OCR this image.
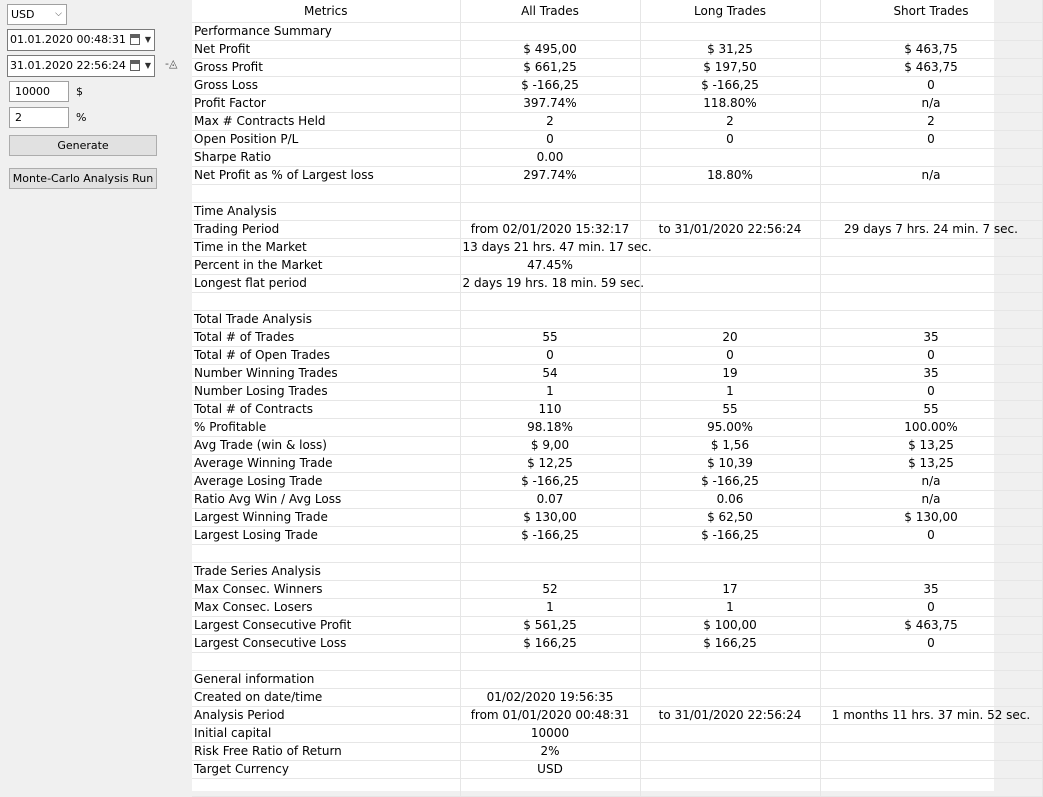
USD ⌵
01.01.2020 00:48:31 ▼
31.01.2020 22:56:24 ▼ -◬
10000	$
2	%
Generate
Monte-Carlo Analysis Run
Metrics	All Trades	Long Trades	Short Trades
Performance Summary			
Net Profit	$ 495,00	$ 31,25	$ 463,75
Gross Profit	$ 661,25	$ 197,50	$ 463,75
Gross Loss	$ -166,25	$ -166,25	0
Profit Factor	397.74%	118.80%	n/a
Max # Contracts Held	2	2	2
Open Position P/L	0	0	0
Sharpe Ratio	0.00		
Net Profit as % of Largest loss	297.74%	18.80%	n/a

Time Analysis			
Trading Period	from 02/01/2020 15:32:17	to 31/01/2020 22:56:24	29 days 7 hrs. 24 min. 7 sec.
Time in the Market	13 days 21 hrs. 47 min. 17 sec.		
Percent in the Market	47.45%		
Longest flat period	2 days 19 hrs. 18 min. 59 sec.		

Total Trade Analysis			
Total # of Trades	55	20	35
Total # of Open Trades	0	0	0
Number Winning Trades	54	19	35
Number Losing Trades	1	1	0
Total # of Contracts	110	55	55
% Profitable	98.18%	95.00%	100.00%
Avg Trade (win & loss)	$ 9,00	$ 1,56	$ 13,25
Average Winning Trade	$ 12,25	$ 10,39	$ 13,25
Average Losing Trade	$ -166,25	$ -166,25	n/a
Ratio Avg Win / Avg Loss	0.07	0.06	n/a
Largest Winning Trade	$ 130,00	$ 62,50	$ 130,00
Largest Losing Trade	$ -166,25	$ -166,25	0

Trade Series Analysis			
Max Consec. Winners	52	17	35
Max Consec. Losers	1	1	0
Largest Consecutive Profit	$ 561,25	$ 100,00	$ 463,75
Largest Consecutive Loss	$ 166,25	$ 166,25	0

General information			
Created on date/time	01/02/2020 19:56:35		
Analysis Period	from 01/01/2020 00:48:31	to 31/01/2020 22:56:24	1 months 11 hrs. 37 min. 52 sec.
Initial capital	10000		
Risk Free Ratio of Return	2%		
Target Currency	USD		
